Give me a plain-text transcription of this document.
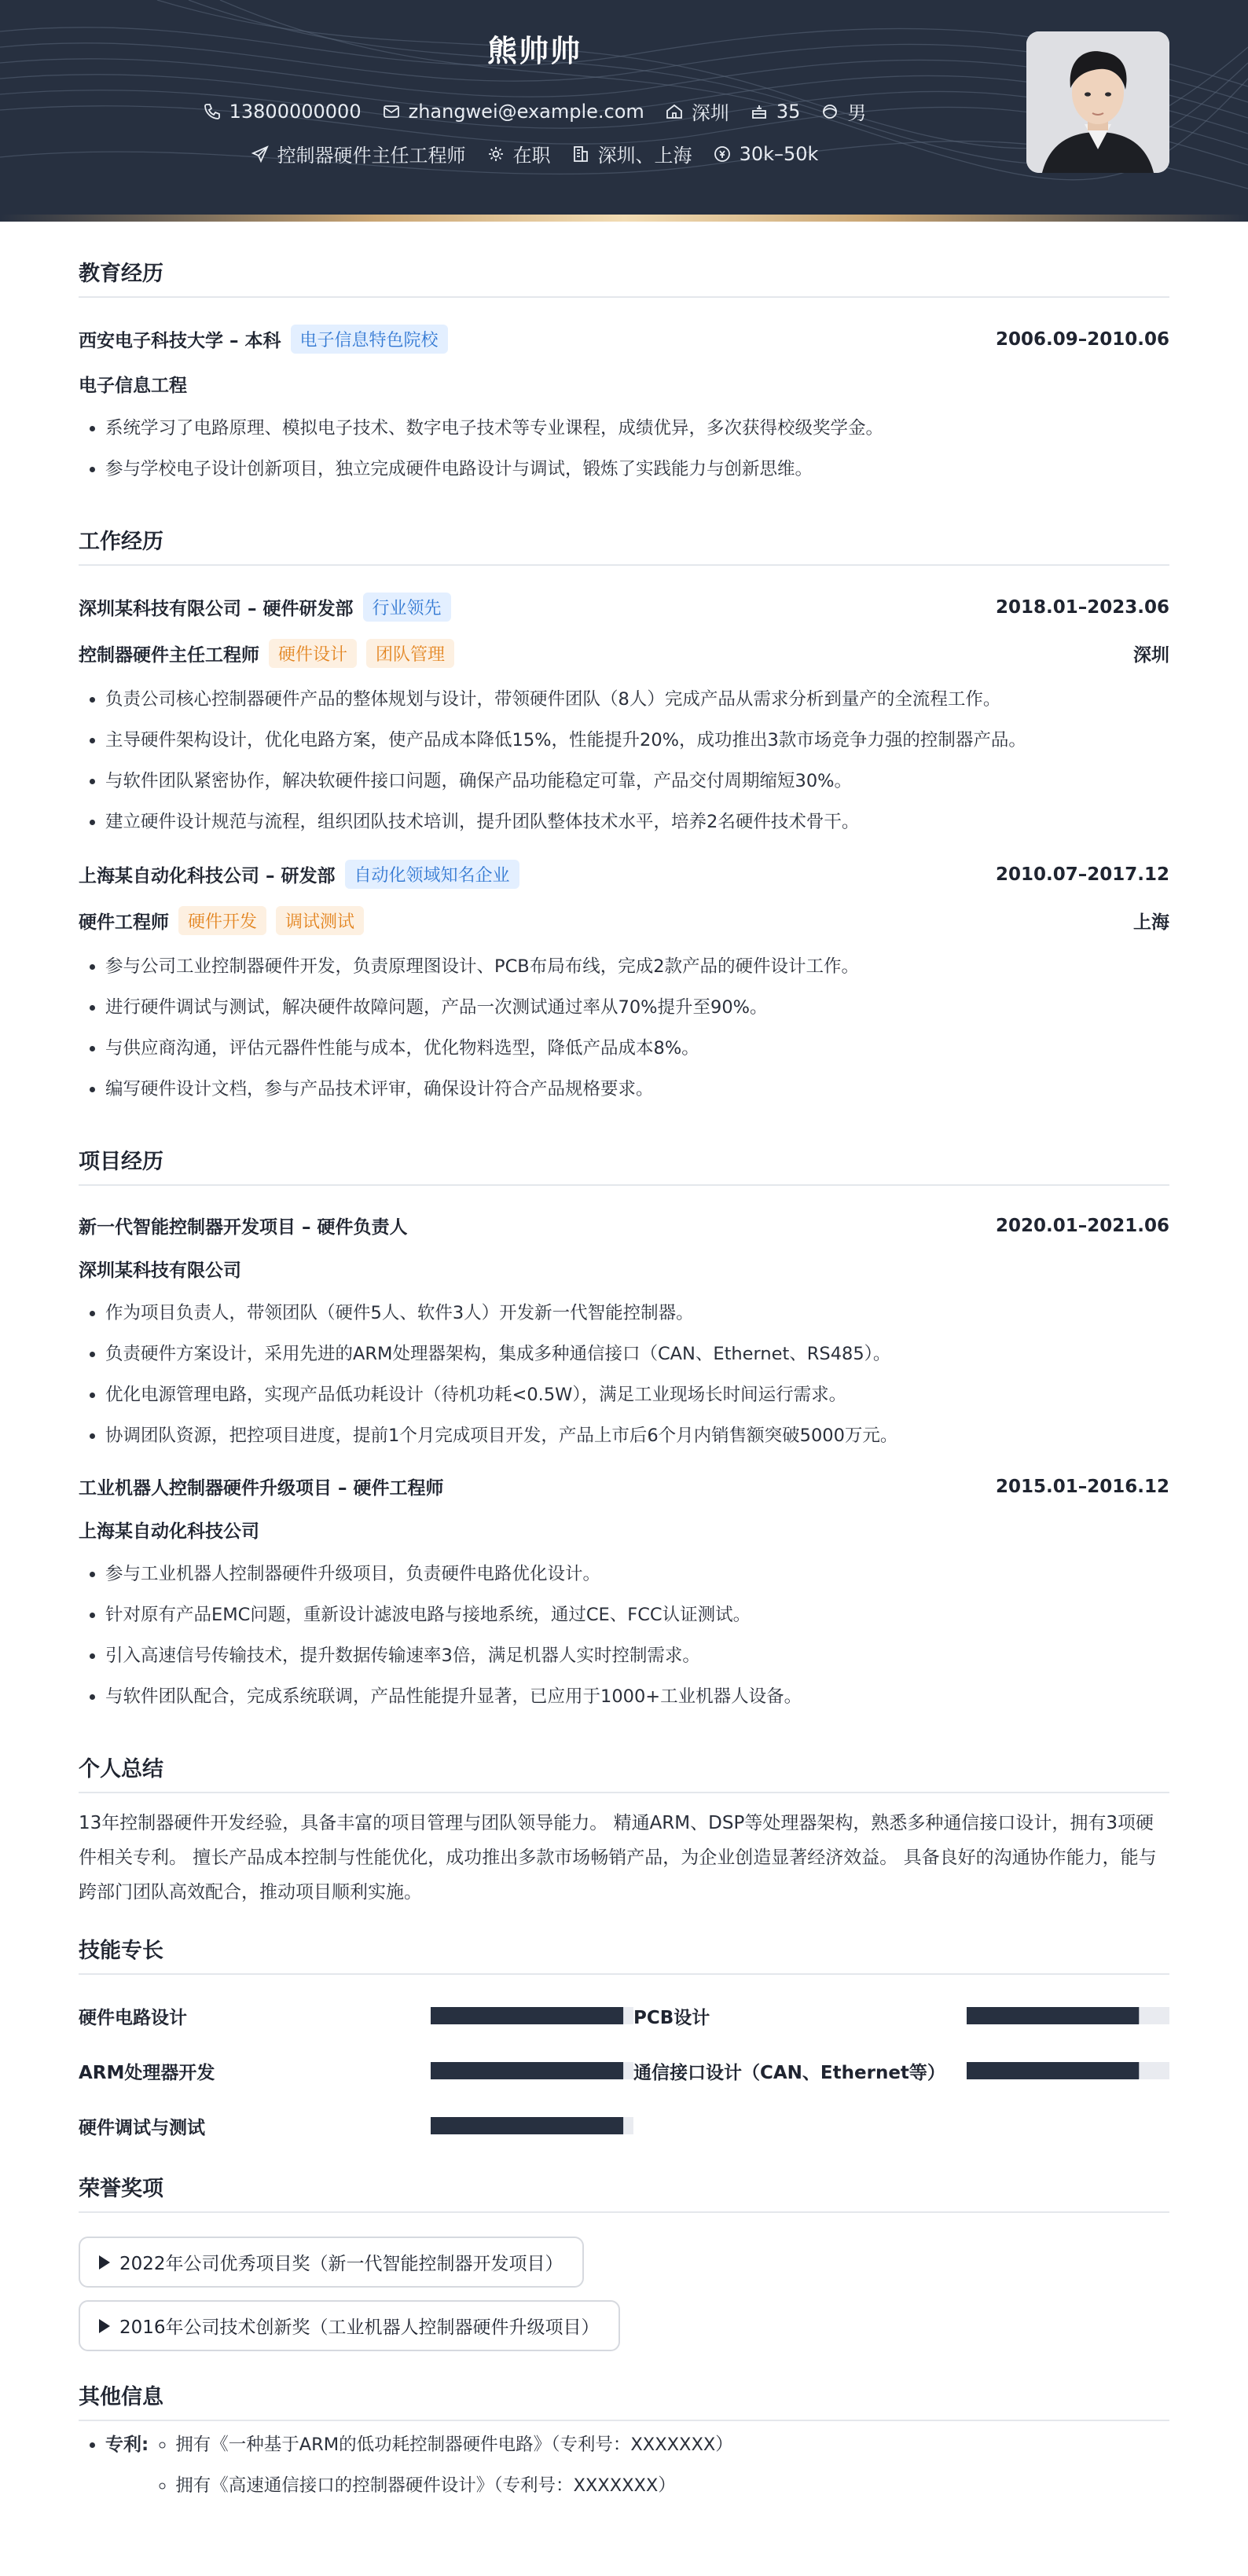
熊帅帅
13800000000	zhangwei@example.com	深圳	35	男
控制器硬件主任工程师	在职	深圳、上海	30k–50k
教育经历
西安电子科技大学 – 本科	电子信息特色院校	2006.09–2010.06
电子信息工程
• 系统学习了电路原理、模拟电子技术、数字电子技术等专业课程，成绩优异，多次获得校级奖学金。
• 参与学校电子设计创新项目，独立完成硬件电路设计与调试，锻炼了实践能力与创新思维。
工作经历
深圳某科技有限公司 – 硬件研发部	行业领先	2018.01–2023.06
控制器硬件主任工程师	硬件设计	团队管理	深圳
• 负责公司核心控制器硬件产品的整体规划与设计，带领硬件团队（8人）完成产品从需求分析到量产的全流程工作。
• 主导硬件架构设计，优化电路方案，使产品成本降低15%，性能提升20%，成功推出3款市场竞争力强的控制器产品。
• 与软件团队紧密协作，解决软硬件接口问题，确保产品功能稳定可靠，产品交付周期缩短30%。
• 建立硬件设计规范与流程，组织团队技术培训，提升团队整体技术水平，培养2名硬件技术骨干。
上海某自动化科技公司 – 研发部	自动化领域知名企业	2010.07–2017.12
硬件工程师	硬件开发	调试测试	上海
• 参与公司工业控制器硬件开发，负责原理图设计、PCB布局布线，完成2款产品的硬件设计工作。
• 进行硬件调试与测试，解决硬件故障问题，产品一次测试通过率从70%提升至90%。
• 与供应商沟通，评估元器件性能与成本，优化物料选型，降低产品成本8%。
• 编写硬件设计文档，参与产品技术评审，确保设计符合产品规格要求。
项目经历
新一代智能控制器开发项目 – 硬件负责人	2020.01–2021.06
深圳某科技有限公司
• 作为项目负责人，带领团队（硬件5人、软件3人）开发新一代智能控制器。
• 负责硬件方案设计，采用先进的ARM处理器架构，集成多种通信接口（CAN、Ethernet、RS485）。
• 优化电源管理电路，实现产品低功耗设计（待机功耗<0.5W），满足工业现场长时间运行需求。
• 协调团队资源，把控项目进度，提前1个月完成项目开发，产品上市后6个月内销售额突破5000万元。
工业机器人控制器硬件升级项目 – 硬件工程师	2015.01–2016.12
上海某自动化科技公司
• 参与工业机器人控制器硬件升级项目，负责硬件电路优化设计。
• 针对原有产品EMC问题，重新设计滤波电路与接地系统，通过CE、FCC认证测试。
• 引入高速信号传输技术，提升数据传输速率3倍，满足机器人实时控制需求。
• 与软件团队配合，完成系统联调，产品性能提升显著，已应用于1000+工业机器人设备。
个人总结
13年控制器硬件开发经验，具备丰富的项目管理与团队领导能力。 精通ARM、DSP等处理器架构，熟悉多种通信接口设计，拥有3项硬件相关专利。 擅长产品成本控制与性能优化，成功推出多款市场畅销产品，为企业创造显著经济效益。 具备良好的沟通协作能力，能与跨部门团队高效配合，推动项目顺利实施。
技能专长
硬件电路设计	PCB设计
ARM处理器开发	通信接口设计（CAN、Ethernet等）
硬件调试与测试
荣誉奖项
2022年公司优秀项目奖（新一代智能控制器开发项目）
2016年公司技术创新奖（工业机器人控制器硬件升级项目）
其他信息
• 专利:
◦ 拥有《一种基于ARM的低功耗控制器硬件电路》（专利号：XXXXXXX）
◦ 拥有《高速通信接口的控制器硬件设计》（专利号：XXXXXXX）
